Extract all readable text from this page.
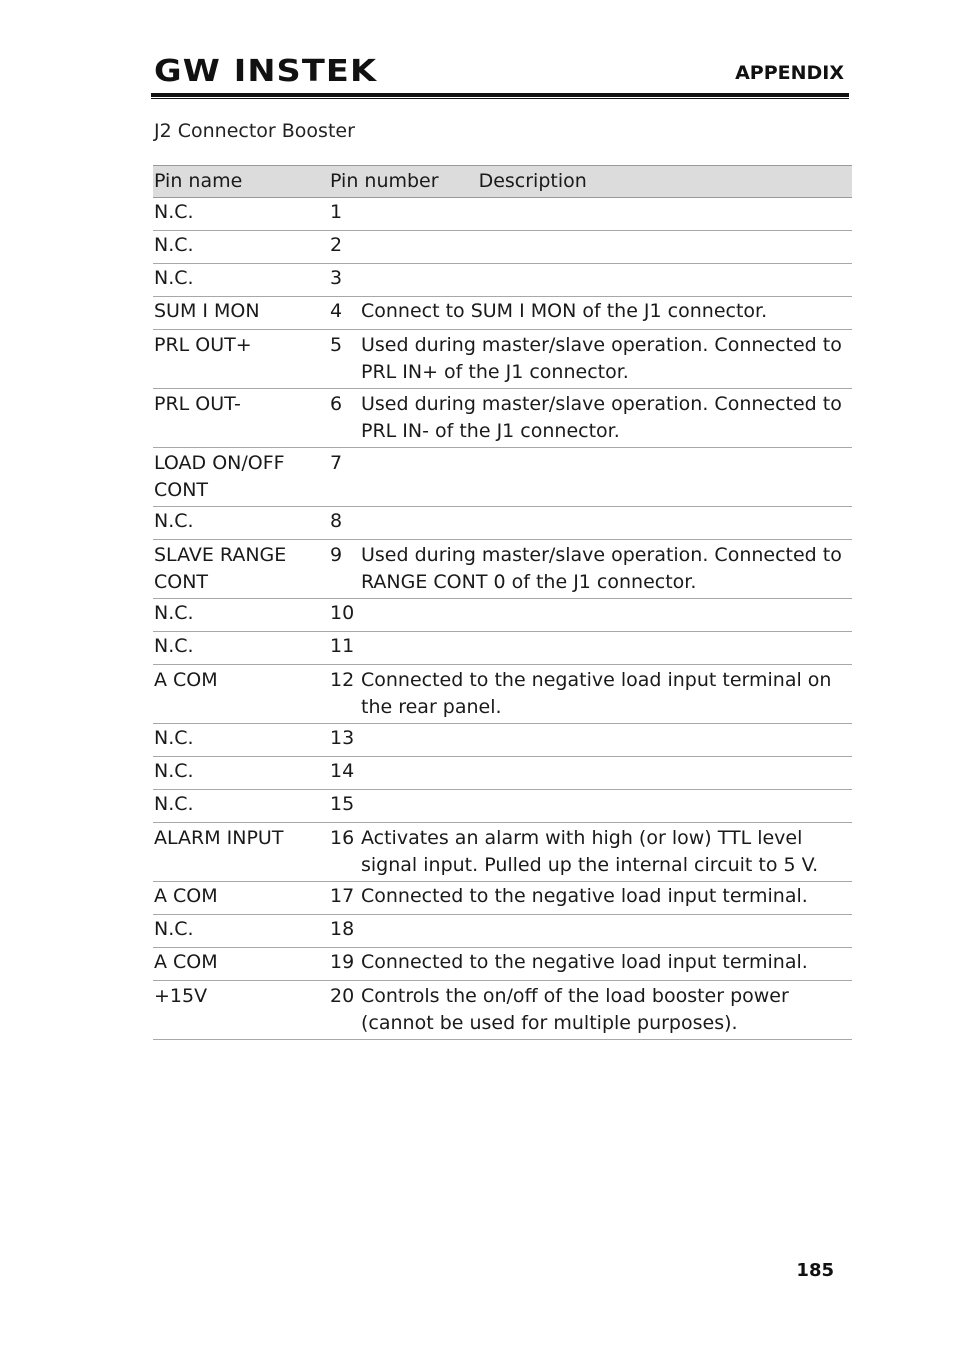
GW INSTEK	APPENDIX
J2 Connector Booster
Pin name	Pin number Description	
N.C.	1	
N.C.	2	
N.C.	3	
SUM I MON	4	Connect to SUM I MON of the J1 connector.
PRL OUT+	5	Used during master/slave operation. Connected to PRL IN+ of the J1 connector.
PRL OUT-	6	Used during master/slave operation. Connected to PRL IN- of the J1 connector.
LOAD ON/OFF CONT	7	
N.C.	8	
SLAVE RANGE CONT	9	Used during master/slave operation. Connected to RANGE CONT 0 of the J1 connector.
N.C.	10	
N.C.	11	
A COM	12	Connected to the negative load input terminal on the rear panel.
N.C.	13	
N.C.	14	
N.C.	15	
ALARM INPUT	16	Activates an alarm with high (or low) TTL level signal input. Pulled up the internal circuit to 5 V.
A COM	17	Connected to the negative load input terminal.
N.C.	18	
A COM	19	Connected to the negative load input terminal.
+15V	20	Controls the on/off of the load booster power (cannot be used for multiple purposes).
185
